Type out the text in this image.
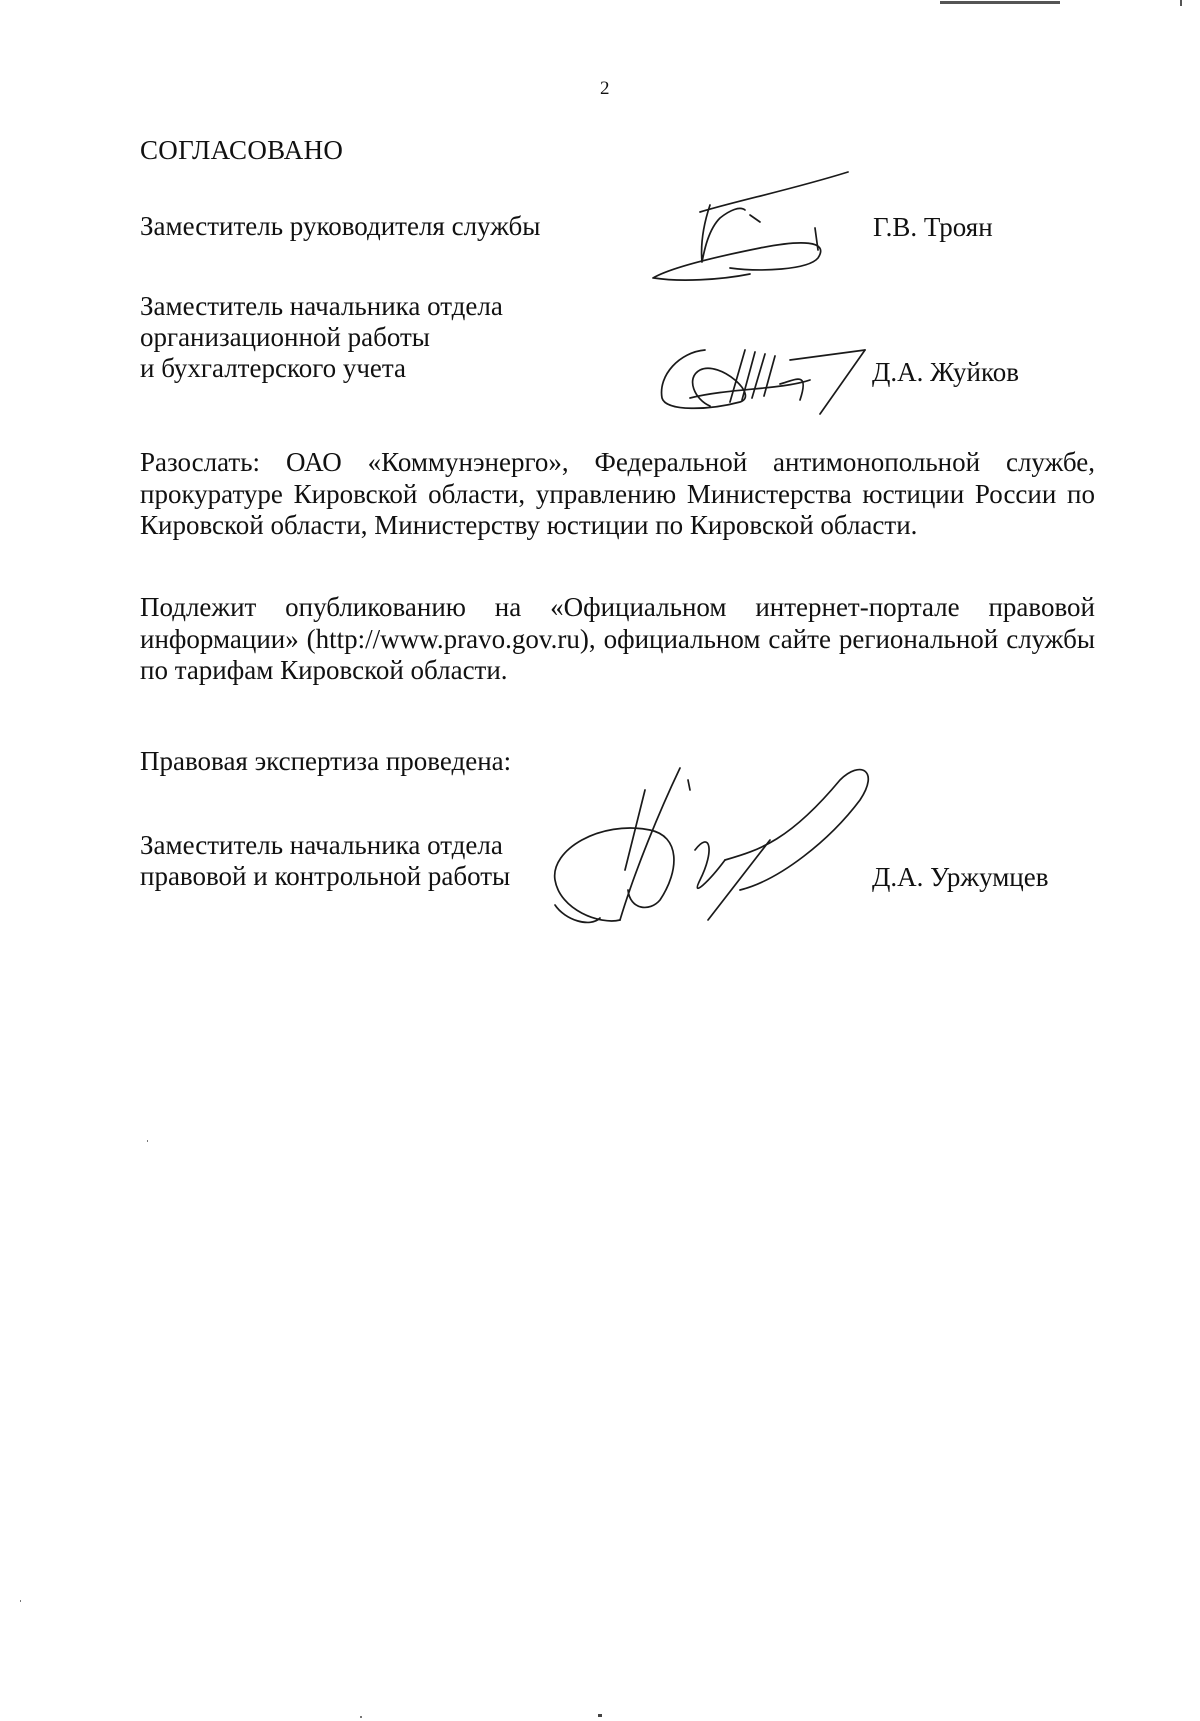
2
СОГЛАСОВАНО
Заместитель руководителя службы	Г.В. Троян
Заместитель начальника отдела
организационной работы
и бухгалтерского учета	Д.А. Жуйков
Разослать: ОАО «Коммунэнерго», Федеральной антимонопольной службе, прокуратуре Кировской области, управлению Министерства юстиции России по Кировской области, Министерству юстиции по Кировской области.
Подлежит опубликованию на «Официальном интернет-портале правовой информации» (http://www.pravo.gov.ru), официальном сайте региональной службы по тарифам Кировской области.
Правовая экспертиза проведена:
Заместитель начальника отдела
правовой и контрольной работы	Д.А. Уржумцев
